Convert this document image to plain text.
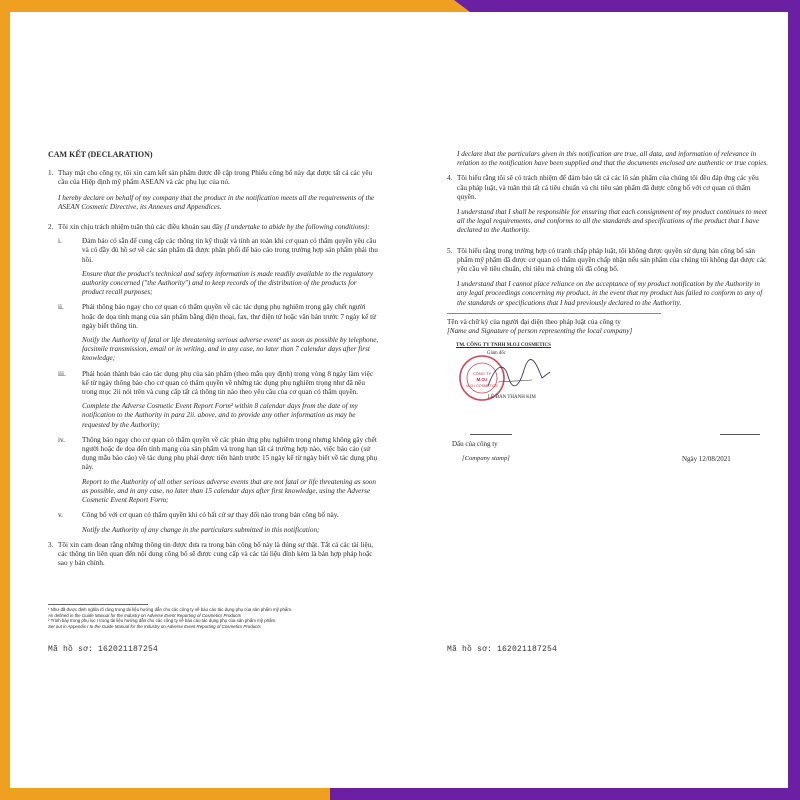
CAM KẾT (DECLARATION)
1. Thay mặt cho công ty, tôi xin cam kết sản phẩm được đề cập trong Phiếu công bố này đạt được tất cả các yêu cầu của Hiệp định mỹ phẩm ASEAN và các phụ lục của nó.

I hereby declare on behalf of my company that the product in the notification meets all the requirements of the ASEAN Cosmetic Directive, its Annexes and Appendices.

2. Tôi xin chịu trách nhiệm tuân thủ các điều khoản sau đây (I undertake to abide by the following conditions):
i.	Đảm bảo có sẵn để cung cấp các thông tin kỹ thuật và tính an toàn khi cơ quan có thẩm quyền yêu cầu và có đầy đủ hồ sơ về các sản phẩm đã được phân phối để báo cáo trong trường hợp sản phẩm phải thu hồi.
Ensure that the product's technical and safety information is made readily available to the regulatory authority concerned ("the Authority") and to keep records of the distribution of the products for product recall purposes;
ii.	Phải thông báo ngay cho cơ quan có thẩm quyền về các tác dụng phụ nghiêm trọng gây chết người hoặc đe dọa tính mạng của sản phẩm bằng điện thoại, fax, thư điện tử hoặc văn bản trước 7 ngày kể từ ngày biết thông tin.
Notify the Authority of fatal or life threatening serious adverse event¹ as soon as possible by telephone, facsimile transmission, email or in writing, and in any case, no later than 7 calendar days after first knowledge;
iii.	Phải hoàn thành báo cáo tác dụng phụ của sản phẩm (theo mẫu quy định) trong vòng 8 ngày làm việc kể từ ngày thông báo cho cơ quan có thẩm quyền về những tác dụng phụ nghiêm trọng như đã nêu trong mục 2ii nói trên và cung cấp tất cả thông tin nào theo yêu cầu của cơ quan có thẩm quyền.
Complete the Adverse Cosmetic Event Report Form² within 8 calendar days from the date of my notification to the Authority in para 2ii. above, and to provide any other information as may be requested by the Authority;
iv.	Thông báo ngay cho cơ quan có thẩm quyền về các phản ứng phụ nghiêm trọng nhưng không gây chết người hoặc đe dọa đến tính mạng của sản phẩm và trong hạn tất cả trường hợp nào, việc báo cáo (sử dụng mẫu báo cáo) về tác dụng phụ phải được tiến hành trước 15 ngày kể từ ngày biết về tác dụng phụ này.
Report to the Authority of all other serious adverse events that are not fatal or life threatening as soon as possible, and in any case, no later than 15 calendar days after first knowledge, using the Adverse Cosmetic Event Report Form;
v.	Công bố với cơ quan có thẩm quyền khi có bất cứ sự thay đổi nào trong bản công bố này.
Notify the Authority of any change in the particulars submitted in this notification;
3. Tôi xin cam đoan rằng những thông tin được đưa ra trong bản công bố này là đúng sự thật. Tất cả các tài liệu, các thông tin liên quan đến nội dung công bố sẽ được cung cấp và các tài liệu đính kèm là bản hợp pháp hoặc sao y bản chính.
¹ Như đã được định nghĩa rõ ràng trong tài liệu hướng dẫn cho các công ty về báo cáo tác dụng phụ của sản phẩm mỹ phẩm.
As defined in the Guide Manual for the Industry on Adverse Event Reporting of Cosmetics Products
² Trình bày trong phụ lục I trong tài liệu hướng dẫn cho các công ty về báo cáo tác dụng phụ của sản phẩm mỹ phẩm.
Set out in Appendix I to the Guide Manual for the Industry on Adverse Event Reporting of Cosmetics Products
Mã hồ sơ: 162021187254

I declare that the particulars given in this notification are true, all data, and information of relevance in relation to the notification have been supplied and that the documents enclosed are authentic or true copies.

4. Tôi hiểu rằng tôi sẽ có trách nhiệm để đảm bảo tất cả các lô sản phẩm của chúng tôi đều đáp ứng các yêu cầu pháp luật, và tuân thủ tất cả tiêu chuẩn và chi tiêu sản phẩm đã được công bố với cơ quan có thẩm quyền.

I understand that I shall be responsible for ensuring that each consignment of my product continues to meet all the legal requirements, and conforms to all the standards and specifications of the product that I have declared to the Authority.

5. Tôi hiểu rằng trong trường hợp có tranh chấp pháp luật, tôi không được quyền sử dụng bản công bố sản phẩm mỹ phẩm đã được cơ quan có thẩm quyền chấp nhận nếu sản phẩm của chúng tôi không đạt được các yêu cầu về tiêu chuẩn, chỉ tiêu mà chúng tôi đã công bố.

I understand that I cannot place reliance on the acceptance of my product notification by the Authority in any legal proceedings concerning my product, in the event that my product has failed to conform to any of the standards or specifications that I had previously declared to the Authority.

Tên và chữ ký của người đại diện theo pháp luật của công ty
[Name and Signature of person representing the local company]
TM. CÔNG TY TNHH M.O.I COSMETICS
Giám đốc
CÔNG TY
M.O.I
M.O.I COSMETICS
LÊ ĐAN THANH KIM
Dấu của công ty
[Company stamp]	Ngày 12/08/2021
Mã hồ sơ: 162021187254
